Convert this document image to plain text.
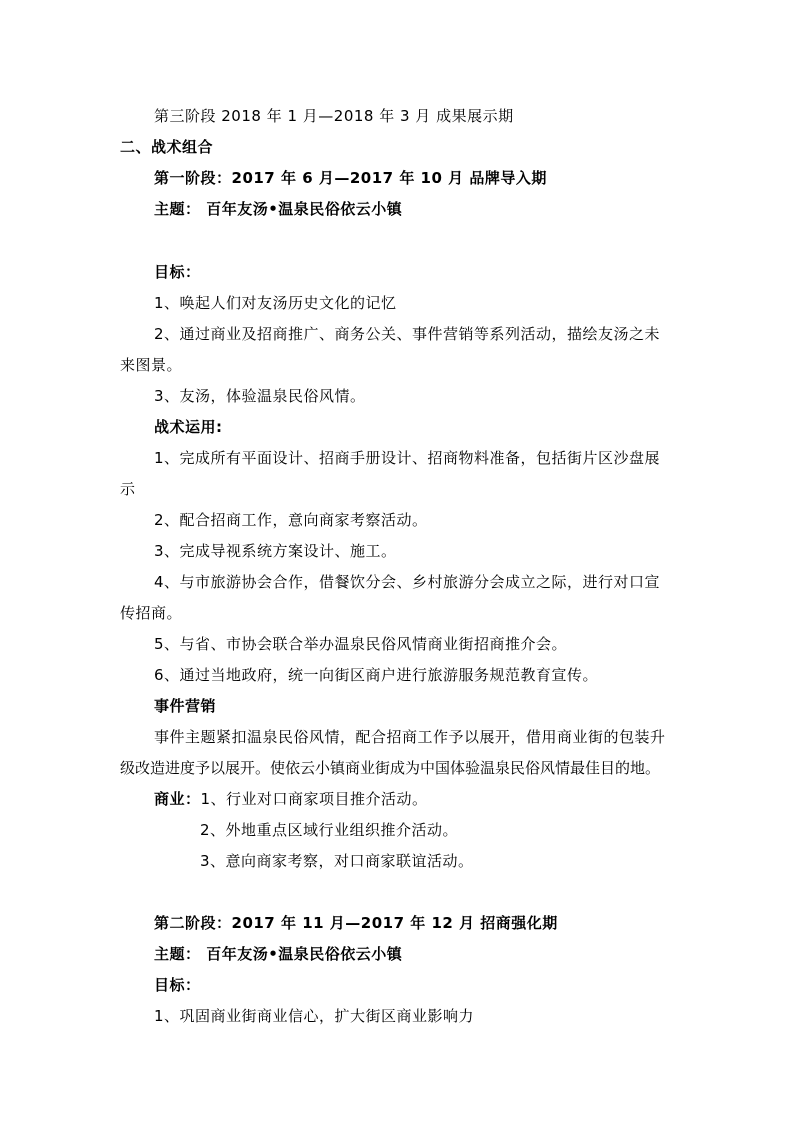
第三阶段 2018 年 1 月—2018 年 3 月 成果展示期
二、战术组合
第一阶段：2017 年 6 月—2017 年 10 月 品牌导入期
主题： 百年友汤•温泉民俗依云小镇
目标：
1、唤起人们对友汤历史文化的记忆
2、通过商业及招商推广、商务公关、事件营销等系列活动，描绘友汤之未
来图景。
3、友汤，体验温泉民俗风情。
战术运用:
1、完成所有平面设计、招商手册设计、招商物料准备，包括街片区沙盘展
示
2、配合招商工作，意向商家考察活动。
3、完成导视系统方案设计、施工。
4、与市旅游协会合作，借餐饮分会、乡村旅游分会成立之际，进行对口宣
传招商。
5、与省、市协会联合举办温泉民俗风情商业街招商推介会。
6、通过当地政府，统一向街区商户进行旅游服务规范教育宣传。
事件营销
事件主题紧扣温泉民俗风情，配合招商工作予以展开，借用商业街的包装升
级改造进度予以展开。使依云小镇商业街成为中国体验温泉民俗风情最佳目的地。
商业：1、行业对口商家项目推介活动。
2、外地重点区域行业组织推介活动。
3、意向商家考察，对口商家联谊活动。
第二阶段：2017 年 11 月—2017 年 12 月 招商强化期
主题： 百年友汤•温泉民俗依云小镇
目标：
1、巩固商业街商业信心，扩大街区商业影响力
